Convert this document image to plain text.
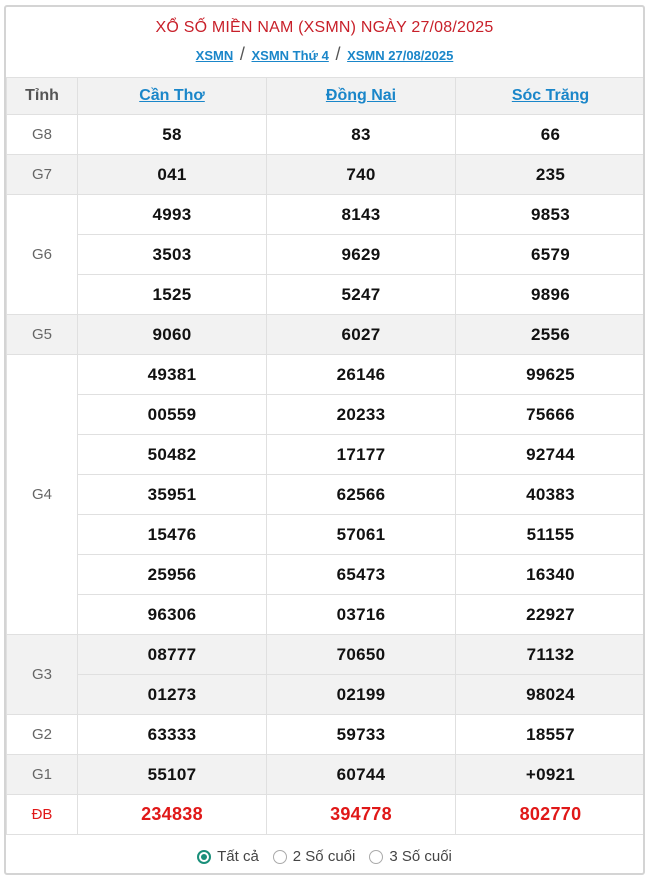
XỔ SỐ MIỀN NAM (XSMN) NGÀY 27/08/2025
XSMN / XSMN Thứ 4 / XSMN 27/08/2025
Tỉnh	Cần Thơ	Đồng Nai	Sóc Trăng
G8	58	83	66
G7	041	740	235
G6	4993	8143	9853
	3503	9629	6579
	1525	5247	9896
G5	9060	6027	2556
G4	49381	26146	99625
	00559	20233	75666
	50482	17177	92744
	35951	62566	40383
	15476	57061	51155
	25956	65473	16340
	96306	03716	22927
G3	08777	70650	71132
	01273	02199	98024
G2	63333	59733	18557
G1	55107	60744	+0921
ĐB	234838	394778	802770
Tất cả 2 Số cuối 3 Số cuối
